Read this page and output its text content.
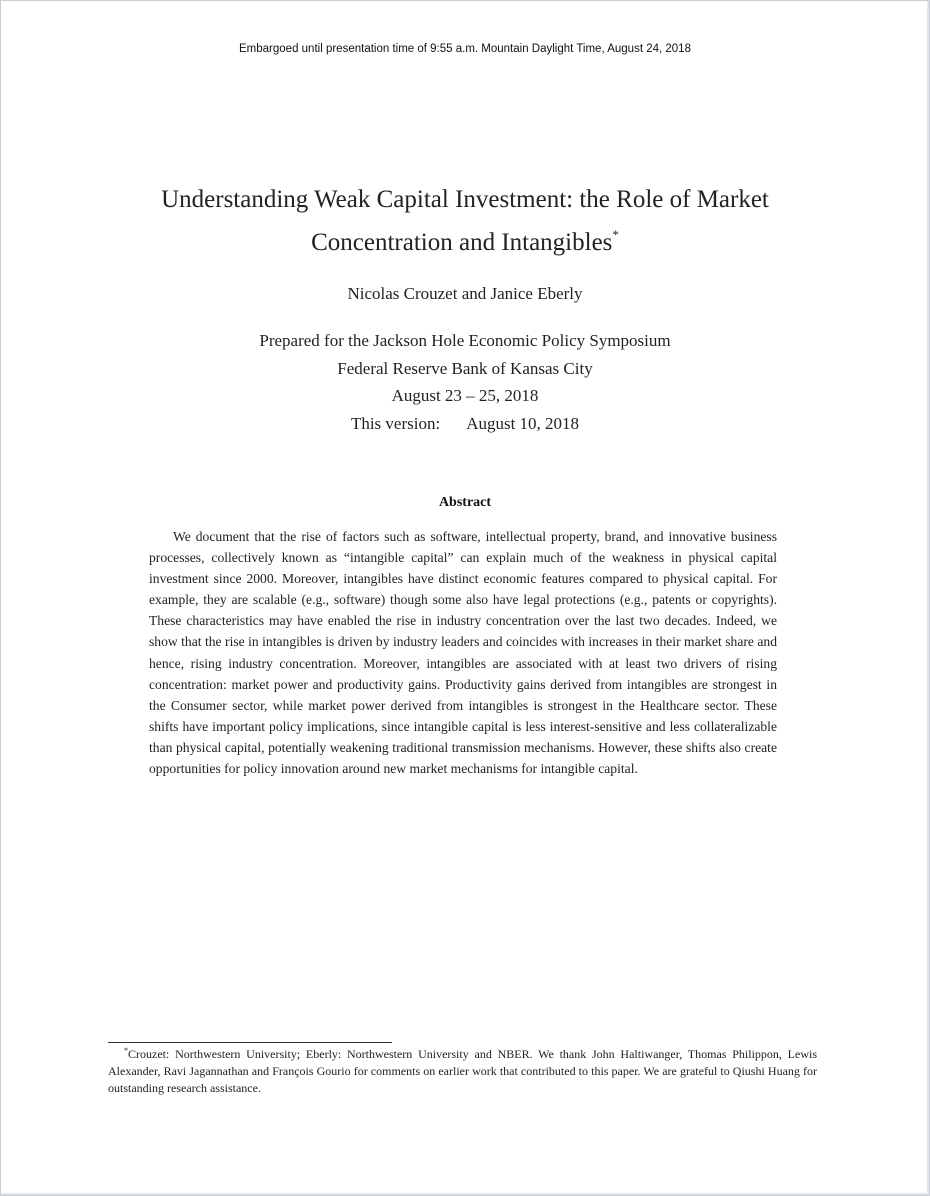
Embargoed until presentation time of 9:55 a.m. Mountain Daylight Time, August 24, 2018
Understanding Weak Capital Investment: the Role of Market
Concentration and Intangibles*
Nicolas Crouzet and Janice Eberly
Prepared for the Jackson Hole Economic Policy Symposium
Federal Reserve Bank of Kansas City
August 23 – 25, 2018
This version: August 10, 2018
Abstract

We document that the rise of factors such as software, intellectual property, brand, and innovative business processes, collectively known as “intangible capital” can explain much of the weakness in physical capital investment since 2000. Moreover, intangibles have distinct economic features compared to physical capital. For example, they are scalable (e.g., software) though some also have legal protections (e.g., patents or copyrights). These characteristics may have enabled the rise in industry concentration over the last two decades. Indeed, we show that the rise in intangibles is driven by industry leaders and coincides with increases in their market share and hence, rising industry concentration. Moreover, intangibles are associated with at least two drivers of rising concentration: market power and productivity gains. Productivity gains derived from intangibles are strongest in the Consumer sector, while market power derived from intangibles is strongest in the Healthcare sector. These shifts have important policy implications, since intangible capital is less interest-sensitive and less collateralizable than physical capital, potentially weakening traditional transmission mechanisms. However, these shifts also create opportunities for policy innovation around new market mechanisms for intangible capital.

*Crouzet: Northwestern University; Eberly: Northwestern University and NBER. We thank John Haltiwanger, Thomas Philippon, Lewis Alexander, Ravi Jagannathan and François Gourio for comments on earlier work that contributed to this paper. We are grateful to Qiushi Huang for outstanding research assistance.
